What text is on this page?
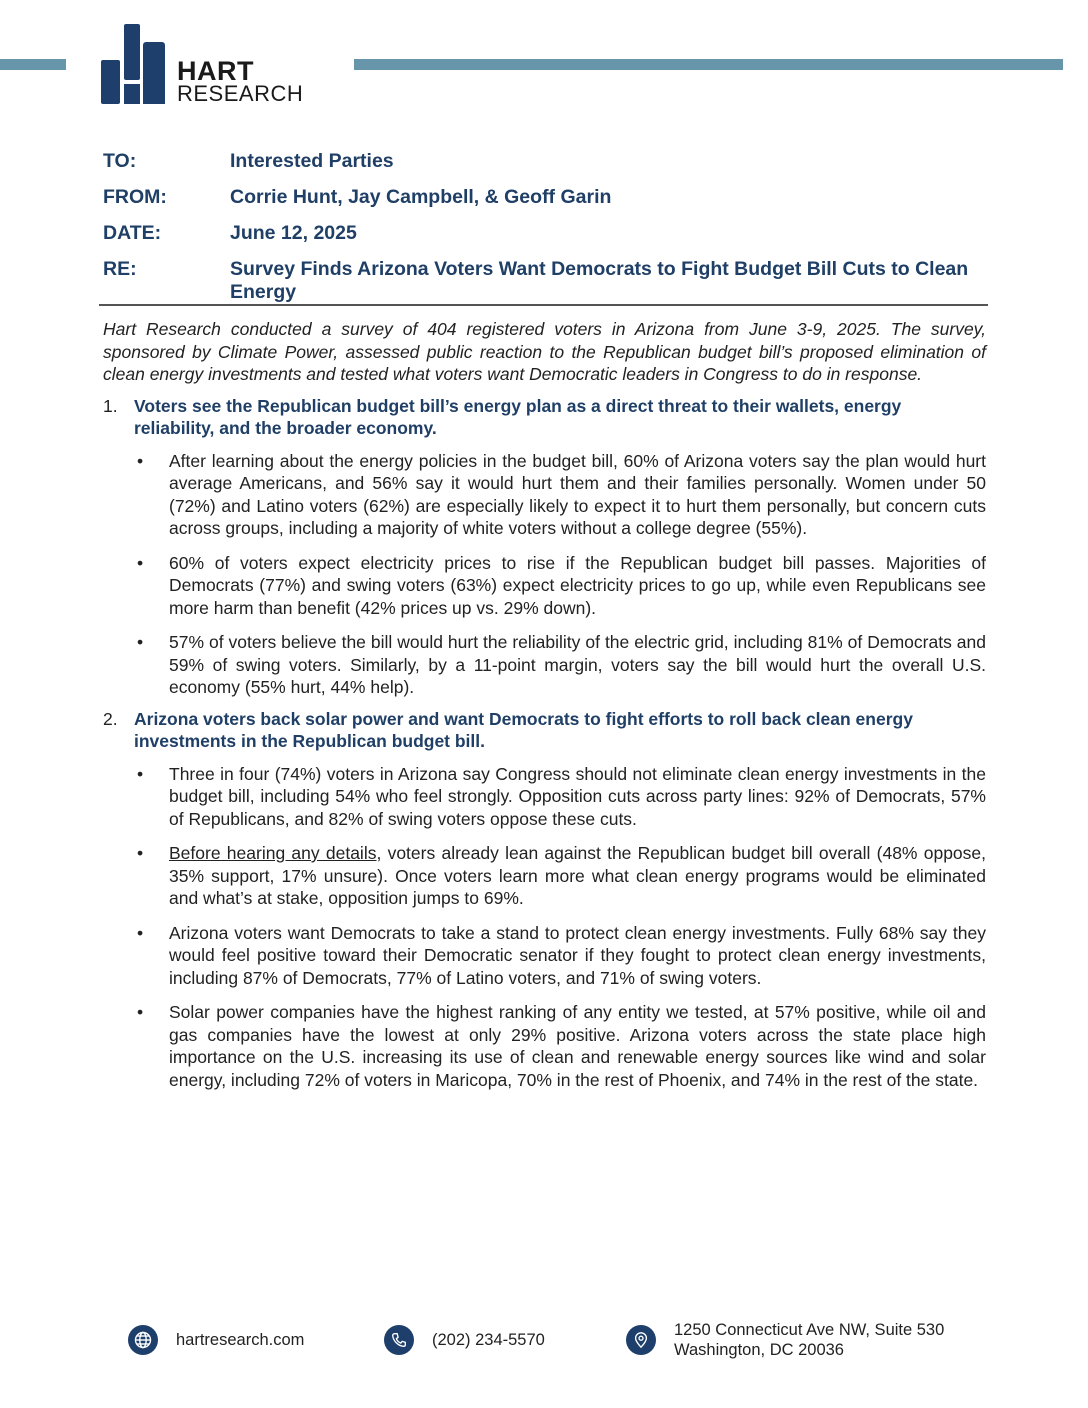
HART
RESEARCH
TO:	Interested Parties
FROM:	Corrie Hunt, Jay Campbell, & Geoff Garin
DATE:	June 12, 2025
RE:	Survey Finds Arizona Voters Want Democrats to Fight Budget Bill Cuts to Clean Energy

Hart Research conducted a survey of 404 registered voters in Arizona from June 3-9, 2025. The survey, sponsored by Climate Power, assessed public reaction to the Republican budget bill’s proposed elimination of clean energy investments and tested what voters want Democratic leaders in Congress to do in response.

1. Voters see the Republican budget bill’s energy plan as a direct threat to their wallets, energy reliability, and the broader economy.
•	After learning about the energy policies in the budget bill, 60% of Arizona voters say the plan would hurt average Americans, and 56% say it would hurt them and their families personally. Women under 50 (72%) and Latino voters (62%) are especially likely to expect it to hurt them personally, but concern cuts across groups, including a majority of white voters without a college degree (55%).
•	60% of voters expect electricity prices to rise if the Republican budget bill passes. Majorities of Democrats (77%) and swing voters (63%) expect electricity prices to go up, while even Republicans see more harm than benefit (42% prices up vs. 29% down).
•	57% of voters believe the bill would hurt the reliability of the electric grid, including 81% of Democrats and 59% of swing voters. Similarly, by a 11-point margin, voters say the bill would hurt the overall U.S. economy (55% hurt, 44% help).
2. Arizona voters back solar power and want Democrats to fight efforts to roll back clean energy investments in the Republican budget bill.
•	Three in four (74%) voters in Arizona say Congress should not eliminate clean energy investments in the budget bill, including 54% who feel strongly. Opposition cuts across party lines: 92% of Democrats, 57% of Republicans, and 82% of swing voters oppose these cuts.
•	Before hearing any details, voters already lean against the Republican budget bill overall (48% oppose, 35% support, 17% unsure). Once voters learn more what clean energy programs would be eliminated and what’s at stake, opposition jumps to 69%.
•	Arizona voters want Democrats to take a stand to protect clean energy investments. Fully 68% say they would feel positive toward their Democratic senator if they fought to protect clean energy investments, including 87% of Democrats, 77% of Latino voters, and 71% of swing voters.
•	Solar power companies have the highest ranking of any entity we tested, at 57% positive, while oil and gas companies have the lowest at only 29% positive. Arizona voters across the state place high importance on the U.S. increasing its use of clean and renewable energy sources like wind and solar energy, including 72% of voters in Maricopa, 70% in the rest of Phoenix, and 74% in the rest of the state.
hartresearch.com	(202) 234-5570
1250 Connecticut Ave NW, Suite 530
Washington, DC 20036
